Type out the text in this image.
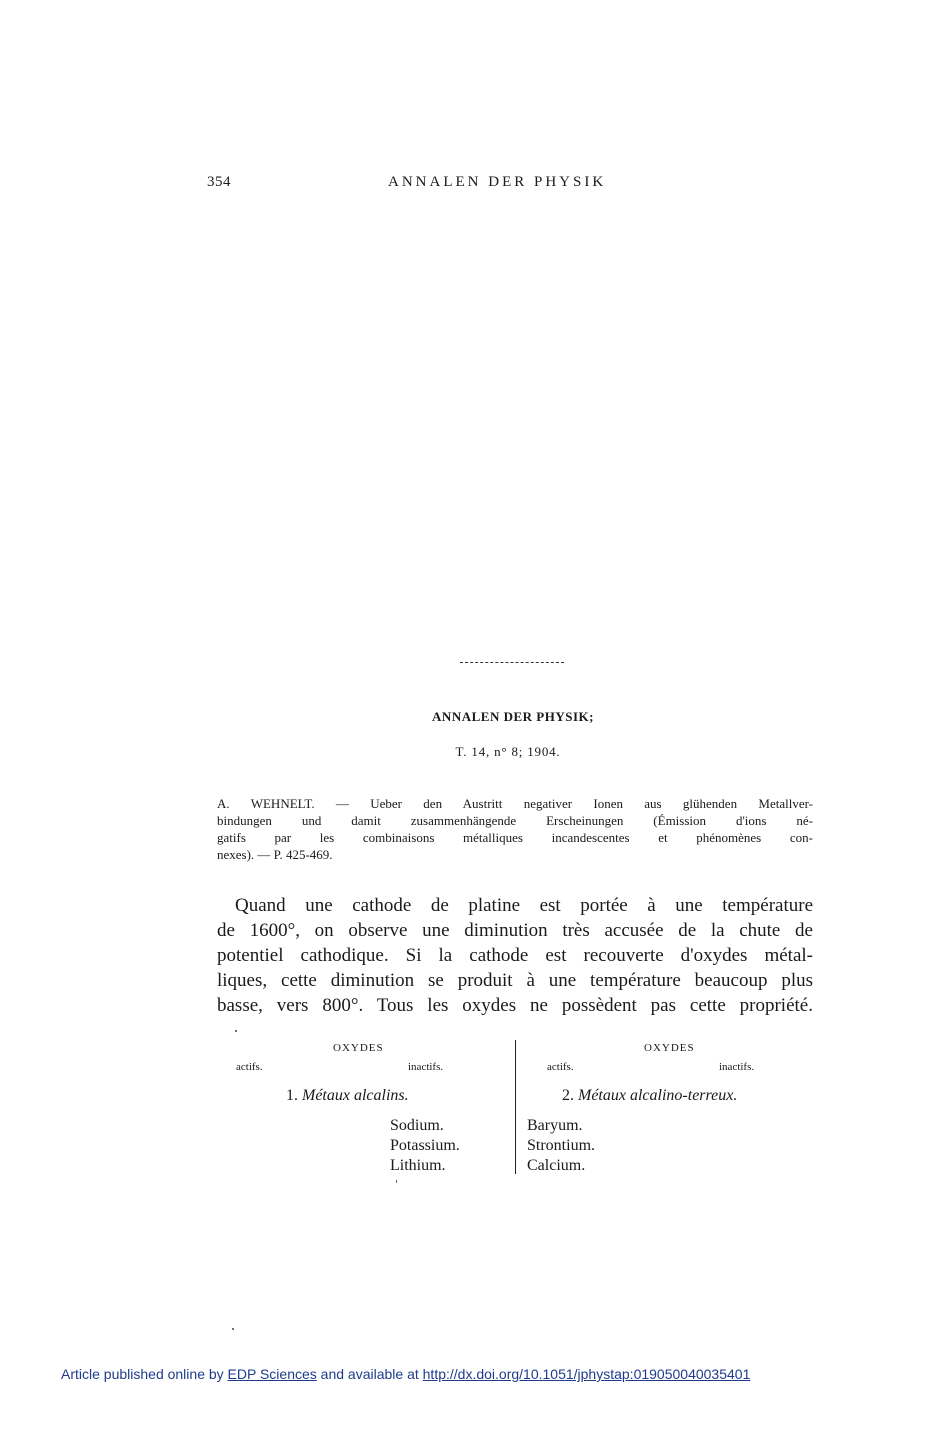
354	ANNALEN DER PHYSIK
ANNALEN DER PHYSIK;
T. 14, n° 8; 1904.
A. WEHNELT. — Ueber den Austritt negativer Ionen aus glühenden Metallver-
bindungen und damit zusammenhängende Erscheinungen (Émission d'ions né-
gatifs par les combinaisons métalliques incandescentes et phénomènes con-
nexes). — P. 425-469.
Quand une cathode de platine est portée à une température
de 1600°, on observe une diminution très accusée de la chute de
potentiel cathodique. Si la cathode est recouverte d'oxydes métal-
liques, cette diminution se produit à une température beaucoup plus
basse, vers 800°. Tous les oxydes ne possèdent pas cette propriété.
OXYDES
actifs.	inactifs.
1. Métaux alcalins.
Sodium.
Potassium.
Lithium.
OXYDES
actifs.	inactifs.
2. Métaux alcalino-terreux.
Baryum.
Strontium.
Calcium.
Article published online by EDP Sciences and available at http://dx.doi.org/10.1051/jphystap:019050040035401
